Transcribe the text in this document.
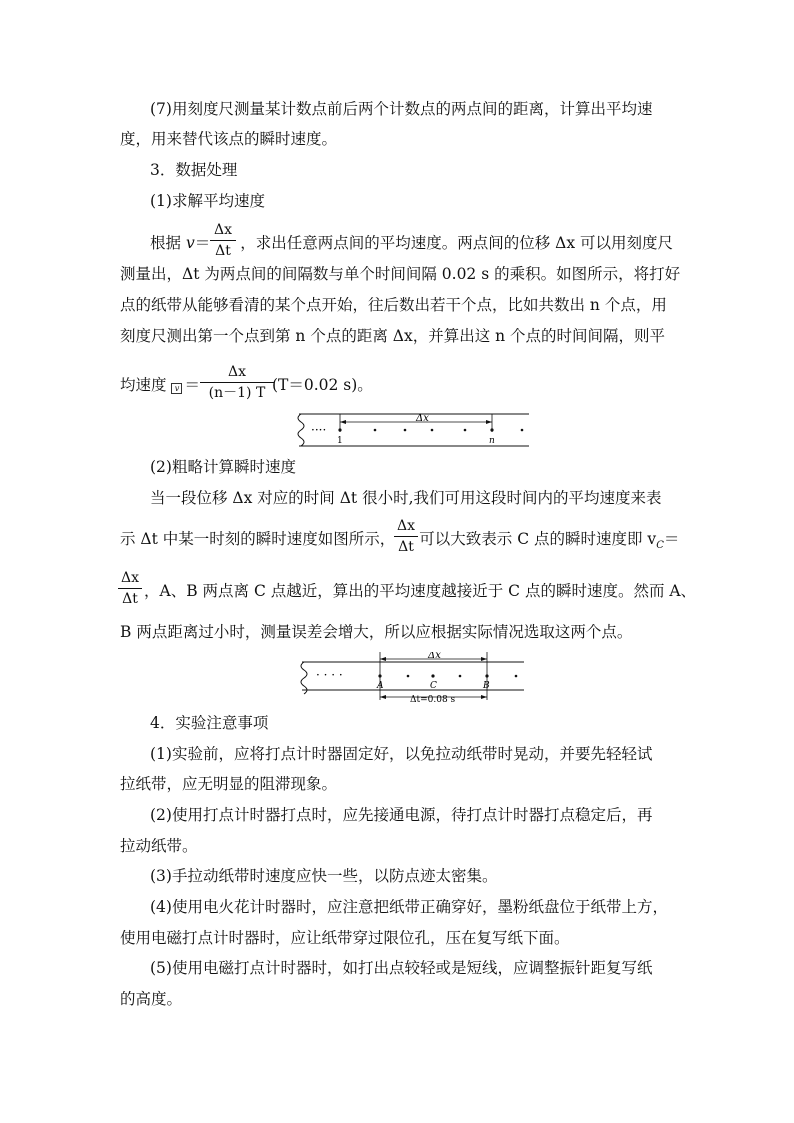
(7)用刻度尺测量某计数点前后两个计数点的两点间的距离，计算出平均速
度，用来替代该点的瞬时速度。
3．数据处理
(1)求解平均速度
根据 v＝ ，求出任意两点间的平均速度。两点间的位移 Δx 可以用刻度尺
Δx
Δt
测量出，Δt 为两点间的间隔数与单个时间间隔 0.02 s 的乘积。如图所示，将打好
点的纸带从能够看清的某个点开始，往后数出若干个点，比如共数出 n 个点，用
刻度尺测出第一个点到第 n 个点的距离 Δx，并算出这 n 个点的时间间隔，则平
均速度 v ＝	(T＝0.02 s)。
Δx
(n－1) T
····
Δx
1	n
(2)粗略计算瞬时速度
当一段位移 Δx 对应的时间 Δt 很小时,我们可用这段时间内的平均速度来表
示 Δt 中某一时刻的瞬时速度如图所示， 可以大致表示 C 点的瞬时速度即 $v_C=$
Δx
Δt
，A、B 两点离 C 点越近，算出的平均速度越接近于 C 点的瞬时速度。然而 A、
Δx
Δt
B 两点距离过小时，测量误差会增大，所以应根据实际情况选取这两个点。
· · · ·
Δx
A	C	B
Δt=0.08 s
4．实验注意事项
(1)实验前，应将打点计时器固定好，以免拉动纸带时晃动，并要先轻轻试
拉纸带，应无明显的阻滞现象。
(2)使用打点计时器打点时，应先接通电源，待打点计时器打点稳定后，再
拉动纸带。
(3)手拉动纸带时速度应快一些，以防点迹太密集。
(4)使用电火花计时器时，应注意把纸带正确穿好，墨粉纸盘位于纸带上方，
使用电磁打点计时器时，应让纸带穿过限位孔，压在复写纸下面。
(5)使用电磁打点计时器时，如打出点较轻或是短线，应调整振针距复写纸
的高度。
